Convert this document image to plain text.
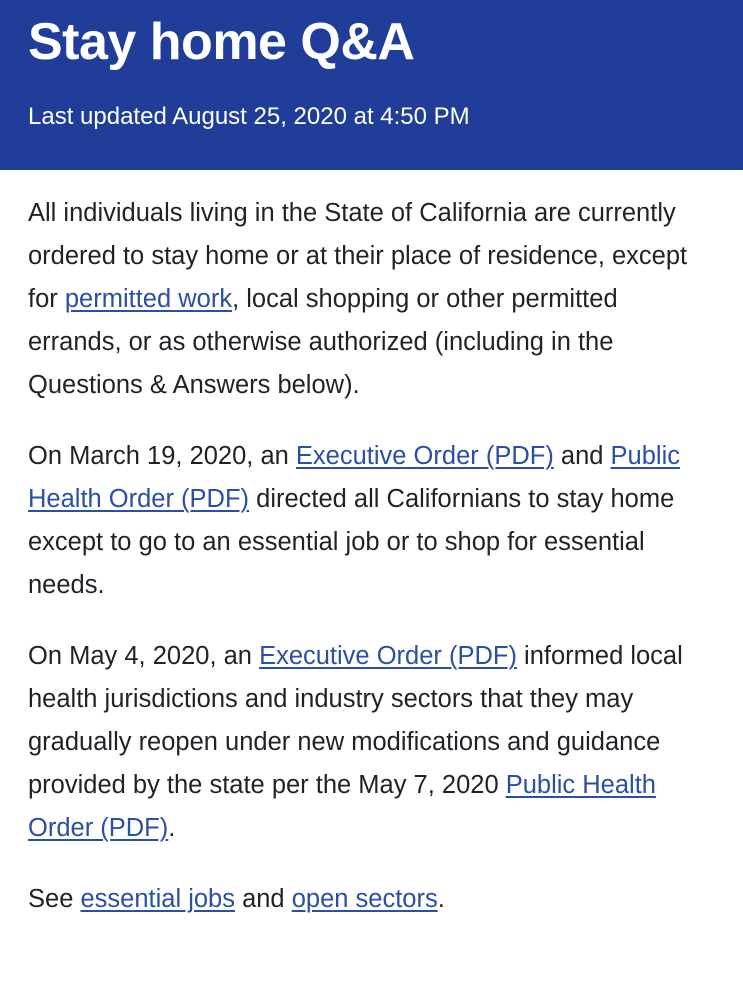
Stay home Q&A

Last updated August 25, 2020 at 4:50 PM

All individuals living in the State of California are currently ordered to stay home or at their place of residence, except for permitted work, local shopping or other permitted errands, or as otherwise authorized (including in the Questions & Answers below).

On March 19, 2020, an Executive Order (PDF) and Public Health Order (PDF) directed all Californians to stay home except to go to an essential job or to shop for essential needs.

On May 4, 2020, an Executive Order (PDF) informed local health jurisdictions and industry sectors that they may gradually reopen under new modifications and guidance provided by the state per the May 7, 2020 Public Health Order (PDF).

See essential jobs and open sectors.
